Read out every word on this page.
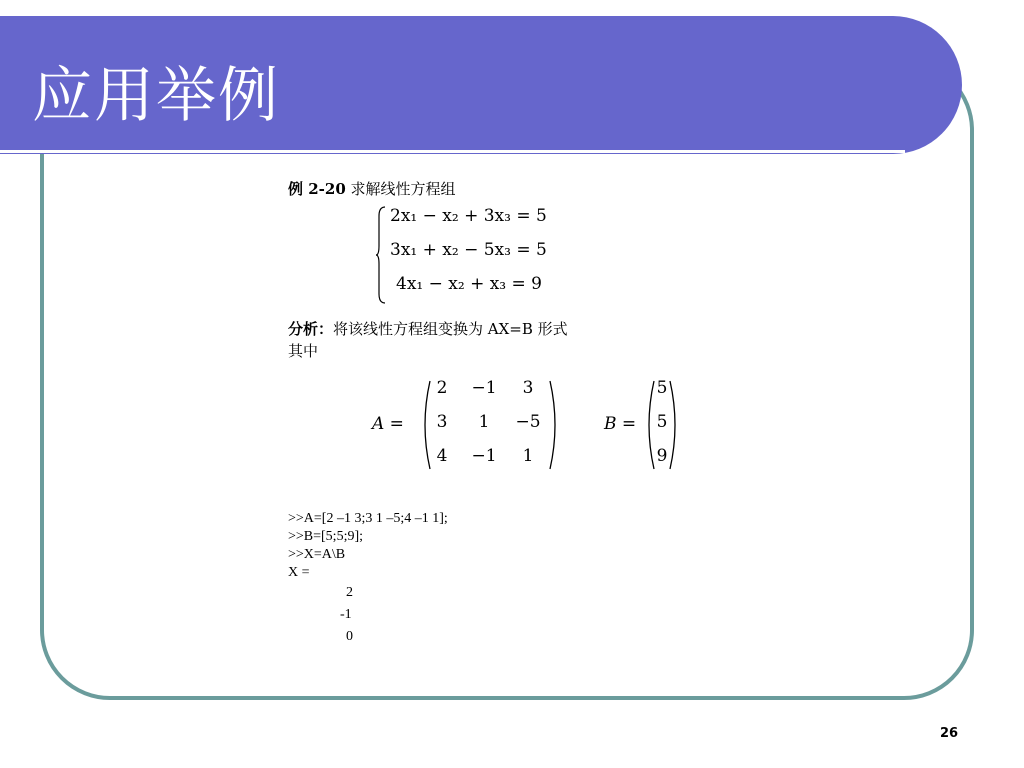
应用举例
例 2-20 求解线性方程组
2x₁ − x₂ + 3x₃ = 5
3x₁ + x₂ − 5x₃ = 5
4x₁ − x₂ + x₃ = 9
分析：将该线性方程组变换为 AX=B 形式
其中
A =
2	−1	3
3	1	−5
4	−1	1
B =
5
5
9
>>A=[2 –1 3;3 1 –5;4 –1 1];
>>B=[5;5;9];
>>X=A\B
X =
2
-1
0
26
